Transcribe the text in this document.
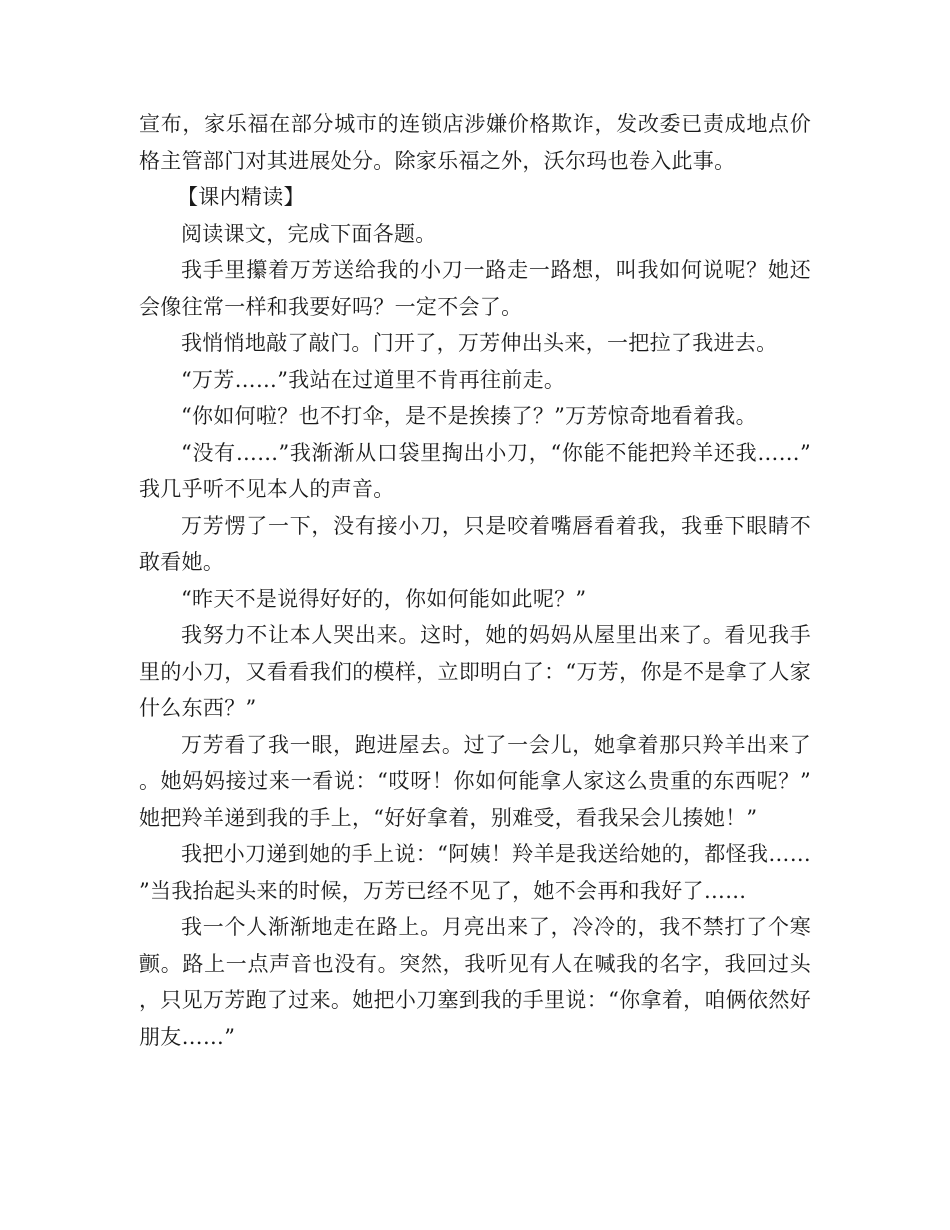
宣布，家乐福在部分城市的连锁店涉嫌价格欺诈，发改委已责成地点价格主管部门对其进展处分。除家乐福之外，沃尔玛也卷入此事。

【课内精读】

阅读课文，完成下面各题。

我手里攥着万芳送给我的小刀一路走一路想，叫我如何说呢？她还会像往常一样和我要好吗？一定不会了。

我悄悄地敲了敲门。门开了，万芳伸出头来，一把拉了我进去。

“万芳……”我站在过道里不肯再往前走。

“你如何啦？也不打伞，是不是挨揍了？”万芳惊奇地看着我。

“没有……”我渐渐从口袋里掏出小刀，“你能不能把羚羊还我……”我几乎听不见本人的声音。

万芳愣了一下，没有接小刀，只是咬着嘴唇看着我，我垂下眼睛不敢看她。

“昨天不是说得好好的，你如何能如此呢？”

我努力不让本人哭出来。这时，她的妈妈从屋里出来了。看见我手里的小刀，又看看我们的模样，立即明白了：“万芳，你是不是拿了人家什么东西？”

万芳看了我一眼，跑进屋去。过了一会儿，她拿着那只羚羊出来了。她妈妈接过来一看说：“哎呀！你如何能拿人家这么贵重的东西呢？”她把羚羊递到我的手上，“好好拿着，别难受，看我呆会儿揍她！”

我把小刀递到她的手上说：“阿姨！羚羊是我送给她的，都怪我……”当我抬起头来的时候，万芳已经不见了，她不会再和我好了……

我一个人渐渐地走在路上。月亮出来了，冷冷的，我不禁打了个寒颤。路上一点声音也没有。突然，我听见有人在喊我的名字，我回过头，只见万芳跑了过来。她把小刀塞到我的手里说：“你拿着，咱俩依然好朋友……”
